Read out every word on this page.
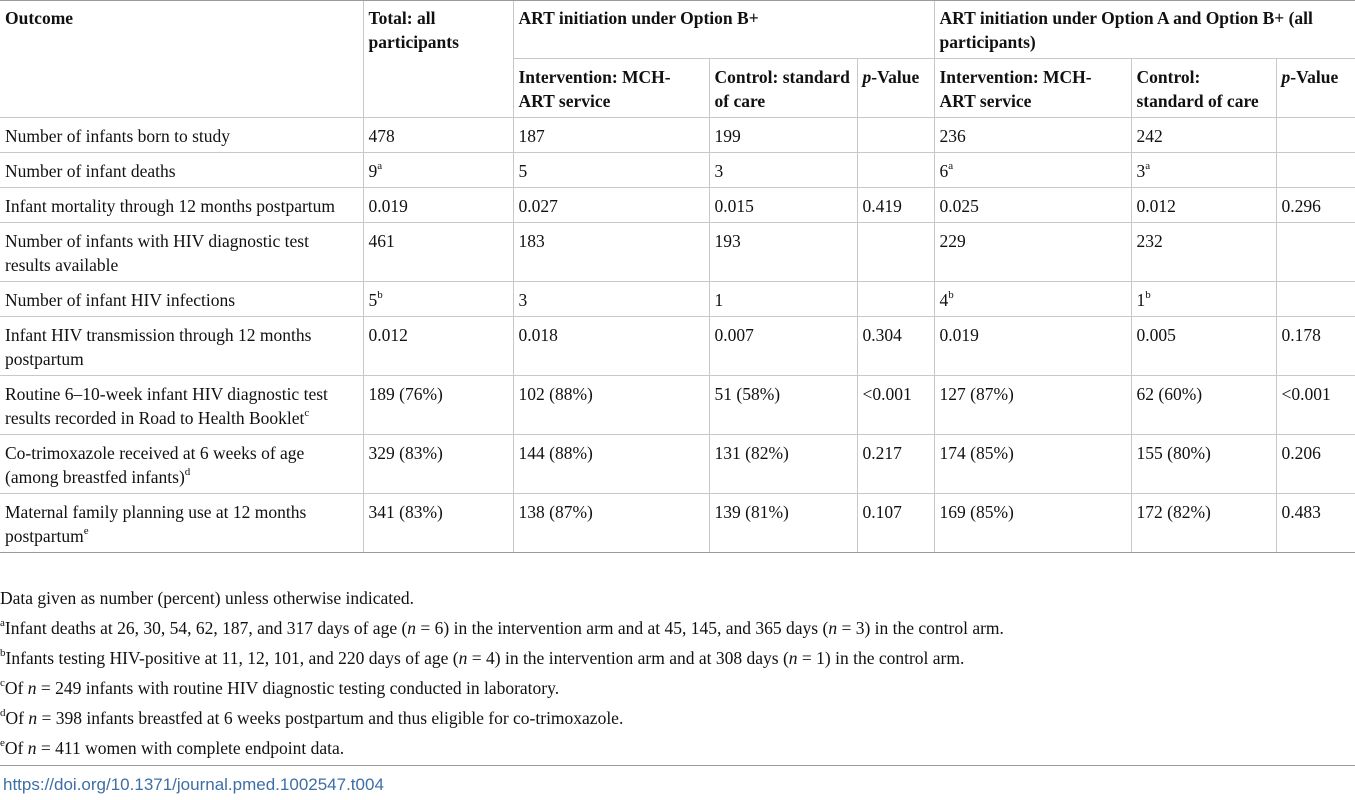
Outcome	Total: all participants	ART initiation under Option B+			ART initiation under Option A and Option B+ (all participants)		
		Intervention: MCH-ART service	Control: standard of care	p-Value	Intervention: MCH-ART service	Control: standard of care	p-Value
Number of infants born to study	478	187	199		236	242	
Number of infant deaths	9$^a$	5	3		6$^a$	3$^a$	
Infant mortality through 12 months postpartum	0.019	0.027	0.015	0.419	0.025	0.012	0.296
Number of infants with HIV diagnostic test results available	461	183	193		229	232	
Number of infant HIV infections	5$^b$	3	1		4$^b$	1$^b$	
Infant HIV transmission through 12 months postpartum	0.012	0.018	0.007	0.304	0.019	0.005	0.178
Routine 6–10-week infant HIV diagnostic test results recorded in Road to Health Booklet$^c$	189 (76%)	102 (88%)	51 (58%)	<0.001	127 (87%)	62 (60%)	<0.001
Co-trimoxazole received at 6 weeks of age (among breastfed infants)$^d$	329 (83%)	144 (88%)	131 (82%)	0.217	174 (85%)	155 (80%)	0.206
Maternal family planning use at 12 months postpartum$^e$	341 (83%)	138 (87%)	139 (81%)	0.107	169 (85%)	172 (82%)	0.483
Data given as number (percent) unless otherwise indicated.
$^a$Infant deaths at 26, 30, 54, 62, 187, and 317 days of age (n = 6) in the intervention arm and at 45, 145, and 365 days (n = 3) in the control arm.
$^b$Infants testing HIV-positive at 11, 12, 101, and 220 days of age (n = 4) in the intervention arm and at 308 days (n = 1) in the control arm.
$^c$Of n = 249 infants with routine HIV diagnostic testing conducted in laboratory.
$^d$Of n = 398 infants breastfed at 6 weeks postpartum and thus eligible for co-trimoxazole.
$^e$Of n = 411 women with complete endpoint data.
https://doi.org/10.1371/journal.pmed.1002547.t004
